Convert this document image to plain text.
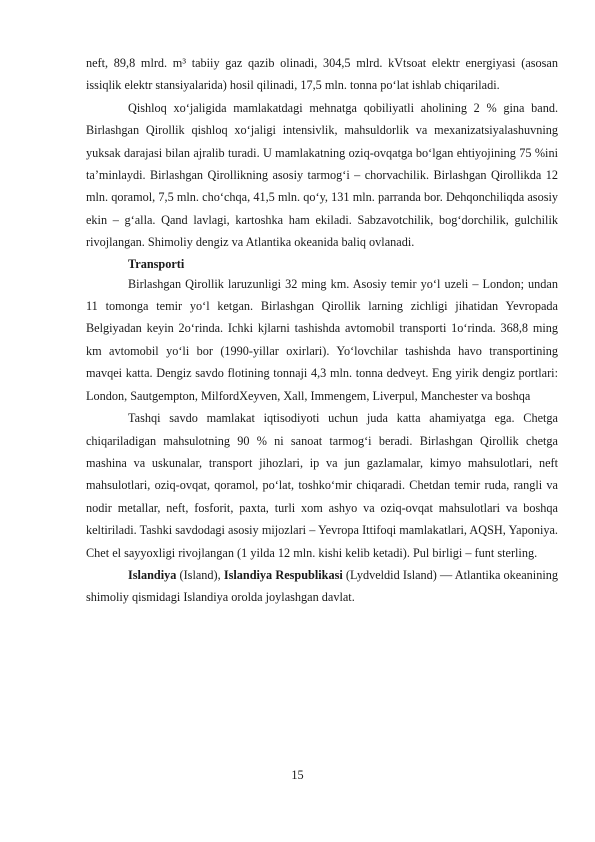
neft, 89,8 mlrd. m³ tabiiy gaz qazib olinadi, 304,5 mlrd. kVtsoat elektr energiyasi (asosan issiqlik elektr stansiyalarida) hosil qilinadi, 17,5 mln. tonna po‘lat ishlab chiqariladi.

Qishloq xo‘jaligida mamlakatdagi mehnatga qobiliyatli aholining 2 % gina band. Birlashgan Qirollik qishloq xo‘jaligi intensivlik, mahsuldorlik va mexanizatsiyalashuvning yuksak darajasi bilan ajralib turadi. U mamlakatning oziq-ovqatga bo‘lgan ehtiyojining 75 %ini ta’minlaydi. Birlashgan Qirollikning asosiy tarmog‘i – chorvachilik. Birlashgan Qirollikda 12 mln. qoramol, 7,5 mln. cho‘chqa, 41,5 mln. qo‘y, 131 mln. parranda bor. Dehqonchiliqda asosiy ekin – g‘alla. Qand lavlagi, kartoshka ham ekiladi. Sabzavotchilik, bog‘dorchilik, gulchilik rivojlangan. Shimoliy dengiz va Atlantika okeanida baliq ovlanadi.

Transporti

Birlashgan Qirollik laruzunligi 32 ming km. Asosiy temir yo‘l uzeli – London; undan 11 tomonga temir yo‘l ketgan. Birlashgan Qirollik larning zichligi jihatidan Yevropada Belgiyadan keyin 2o‘rinda. Ichki kjlarni tashishda avtomobil transporti 1o‘rinda. 368,8 ming km avtomobil yo‘li bor (1990-yillar oxirlari). Yo‘lovchilar tashishda havo transportining mavqei katta. Dengiz savdo flotining tonnaji 4,3 mln. tonna dedveyt. Eng yirik dengiz portlari: London, Sautgempton, MilfordXeyven, Xall, Immengem, Liverpul, Manchester va boshqa

Tashqi savdo mamlakat iqtisodiyoti uchun juda katta ahamiyatga ega. Chetga chiqariladigan mahsulotning 90 % ni sanoat tarmog‘i beradi. Birlashgan Qirollik chetga mashina va uskunalar, transport jihozlari, ip va jun gazlamalar, kimyo mahsulotlari, neft mahsulotlari, oziq-ovqat, qoramol, po‘lat, toshko‘mir chiqaradi. Chetdan temir ruda, rangli va nodir metallar, neft, fosforit, paxta, turli xom ashyo va oziq-ovqat mahsulotlari va boshqa keltiriladi. Tashki savdodagi asosiy mijozlari – Yevropa Ittifoqi mamlakatlari, AQSH, Yaponiya. Chet el sayyoxligi rivojlangan (1 yilda 12 mln. kishi kelib ketadi). Pul birligi – funt sterling.

Islandiya (Island), Islandiya Respublikasi (Lydveldid Island) — Atlantika okeanining shimoliy qismidagi Islandiya orolda joylashgan davlat.

15
